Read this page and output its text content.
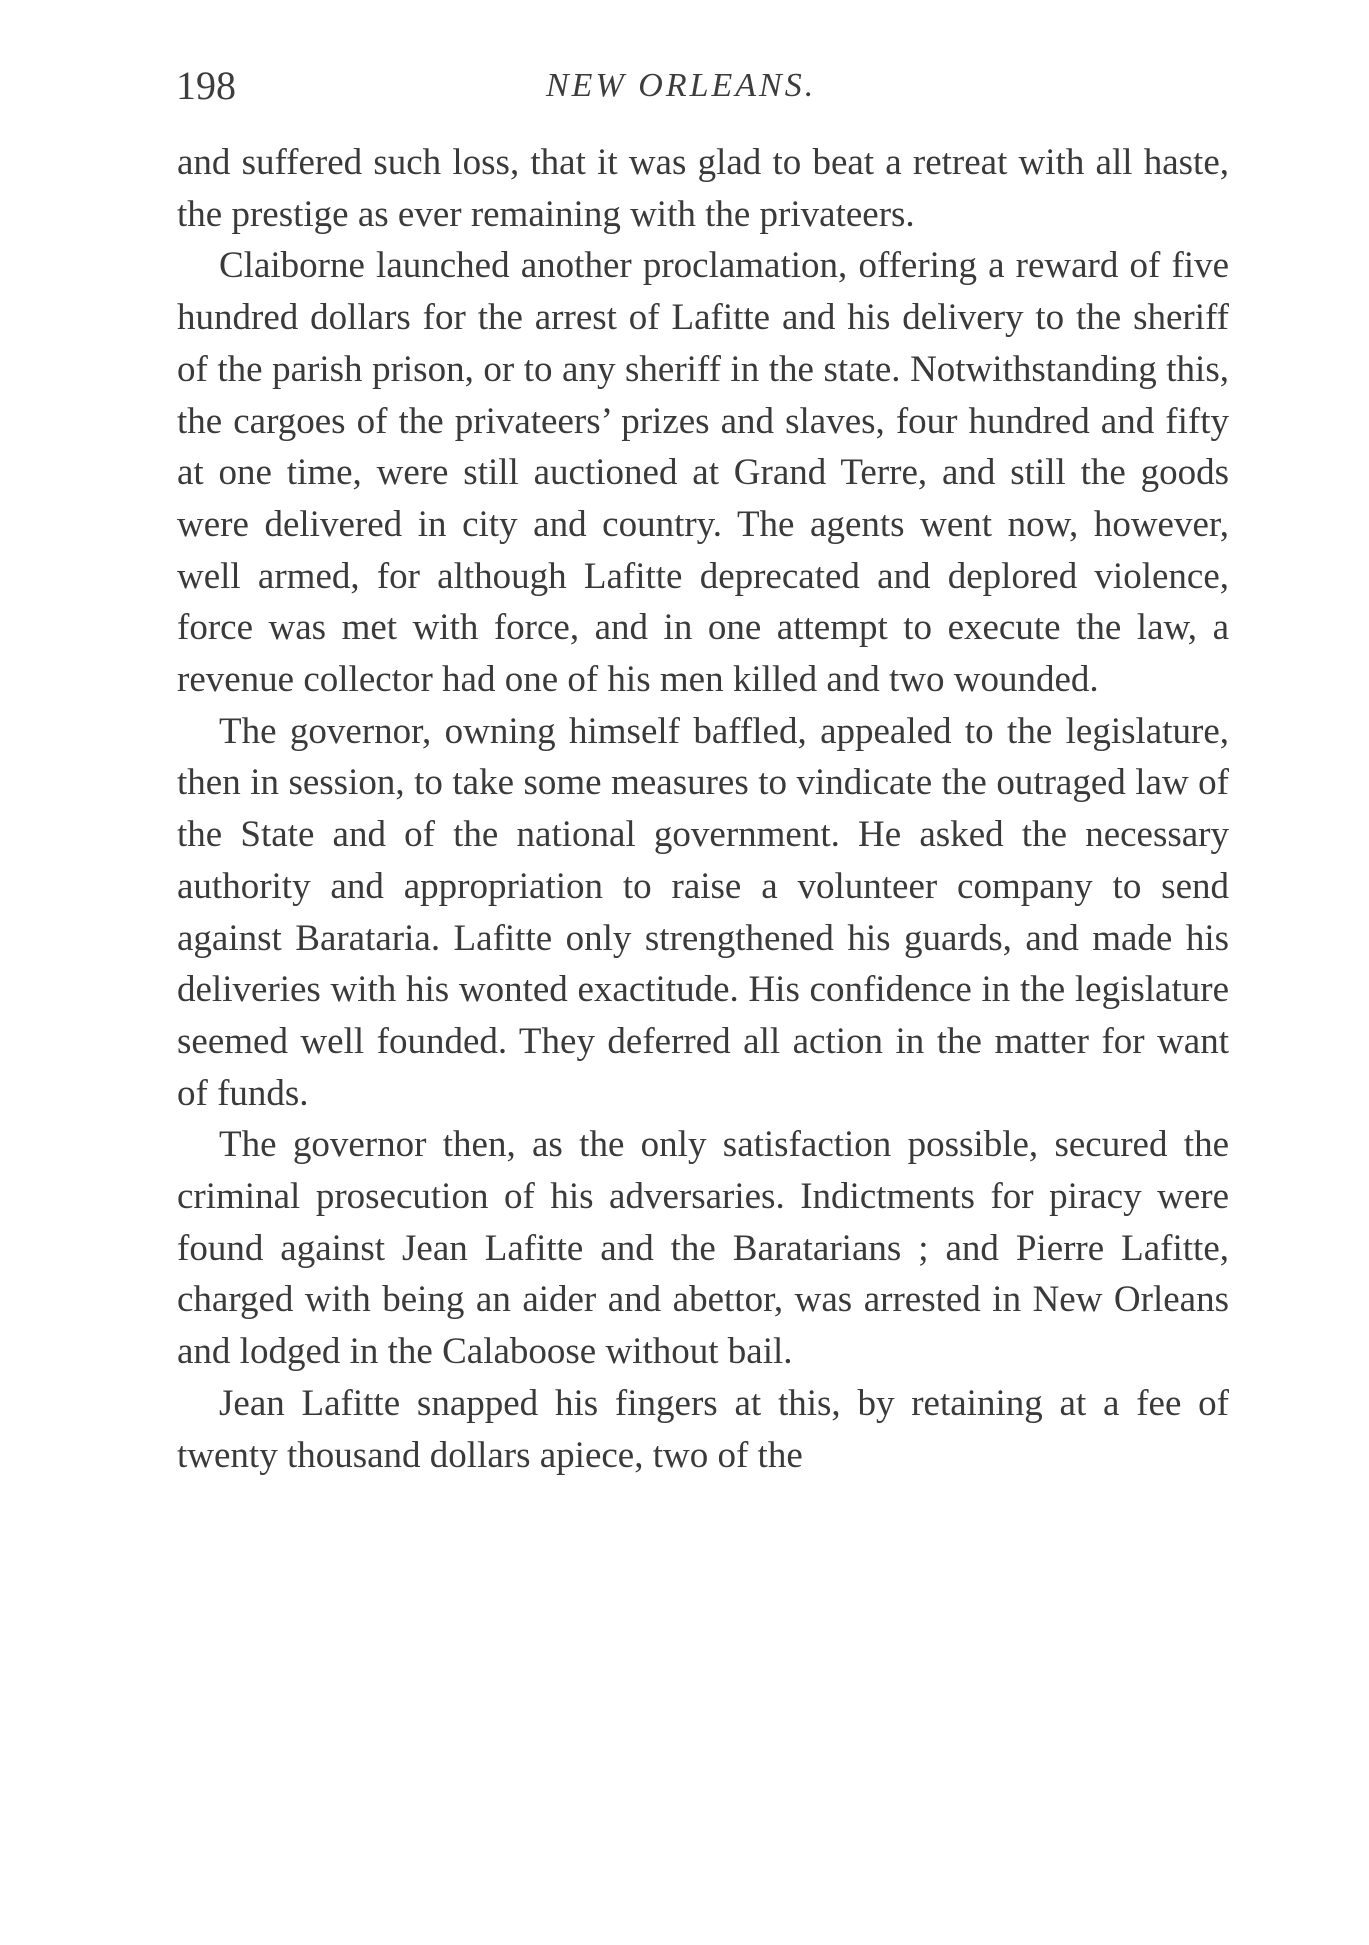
198	NEW ORLEANS.

and suffered such loss, that it was glad to beat a retreat with all haste, the prestige as ever remaining with the privateers.

Claiborne launched another proclamation, offering a reward of five hundred dollars for the arrest of Lafitte and his delivery to the sheriff of the parish prison, or to any sheriff in the state. Notwithstanding this, the cargoes of the privateers’ prizes and slaves, four hundred and fifty at one time, were still auctioned at Grand Terre, and still the goods were delivered in city and country. The agents went now, however, well armed, for although Lafitte deprecated and deplored violence, force was met with force, and in one attempt to execute the law, a revenue collector had one of his men killed and two wounded.

The governor, owning himself baffled, appealed to the legislature, then in session, to take some measures to vindicate the outraged law of the State and of the national government. He asked the necessary authority and appropriation to raise a volunteer company to send against Barataria. Lafitte only strengthened his guards, and made his deliveries with his wonted exactitude. His confidence in the legislature seemed well founded. They deferred all action in the matter for want of funds.

The governor then, as the only satisfaction possible, secured the criminal prosecution of his adversaries. Indictments for piracy were found against Jean Lafitte and the Baratarians ; and Pierre Lafitte, charged with being an aider and abettor, was arrested in New Orleans and lodged in the Calaboose without bail.

Jean Lafitte snapped his fingers at this, by retaining at a fee of twenty thousand dollars apiece, two of the
